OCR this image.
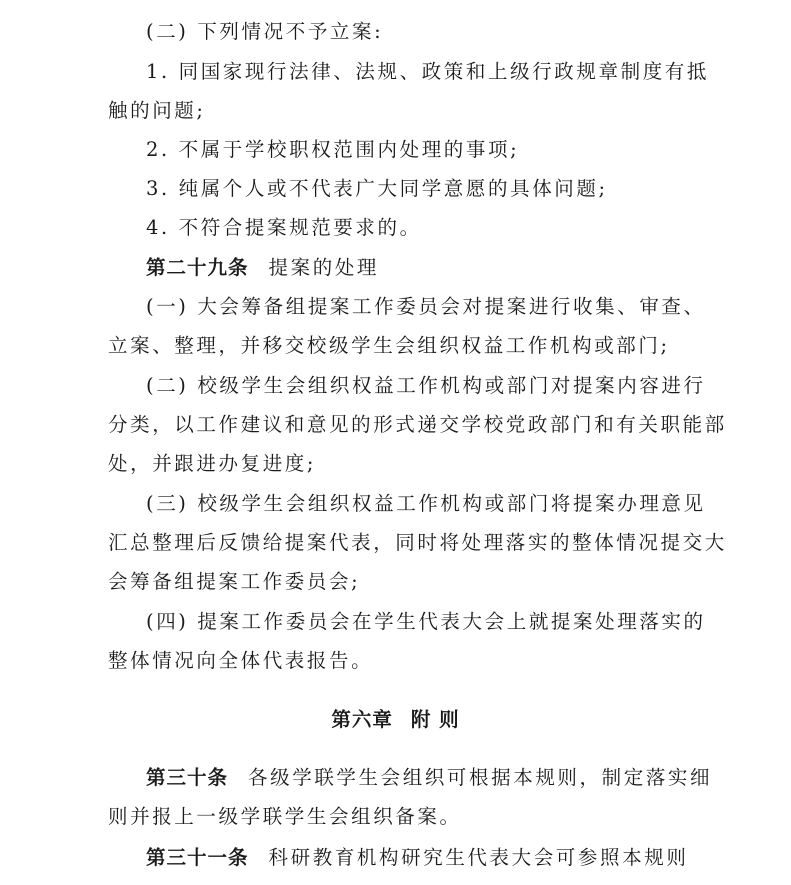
(二) 下列情况不予立案:
1. 同国家现行法律、法规、政策和上级行政规章制度有抵
触的问题;
2. 不属于学校职权范围内处理的事项;
3. 纯属个人或不代表广大同学意愿的具体问题;
4. 不符合提案规范要求的。
第二十九条 提案的处理
(一) 大会筹备组提案工作委员会对提案进行收集、审查、
立案、整理，并移交校级学生会组织权益工作机构或部门;
(二) 校级学生会组织权益工作机构或部门对提案内容进行
分类，以工作建议和意见的形式递交学校党政部门和有关职能部
处，并跟进办复进度;
(三) 校级学生会组织权益工作机构或部门将提案办理意见
汇总整理后反馈给提案代表，同时将处理落实的整体情况提交大
会筹备组提案工作委员会;
(四) 提案工作委员会在学生代表大会上就提案处理落实的
整体情况向全体代表报告。
第六章 附 则
第三十条 各级学联学生会组织可根据本规则，制定落实细
则并报上一级学联学生会组织备案。
第三十一条 科研教育机构研究生代表大会可参照本规则
